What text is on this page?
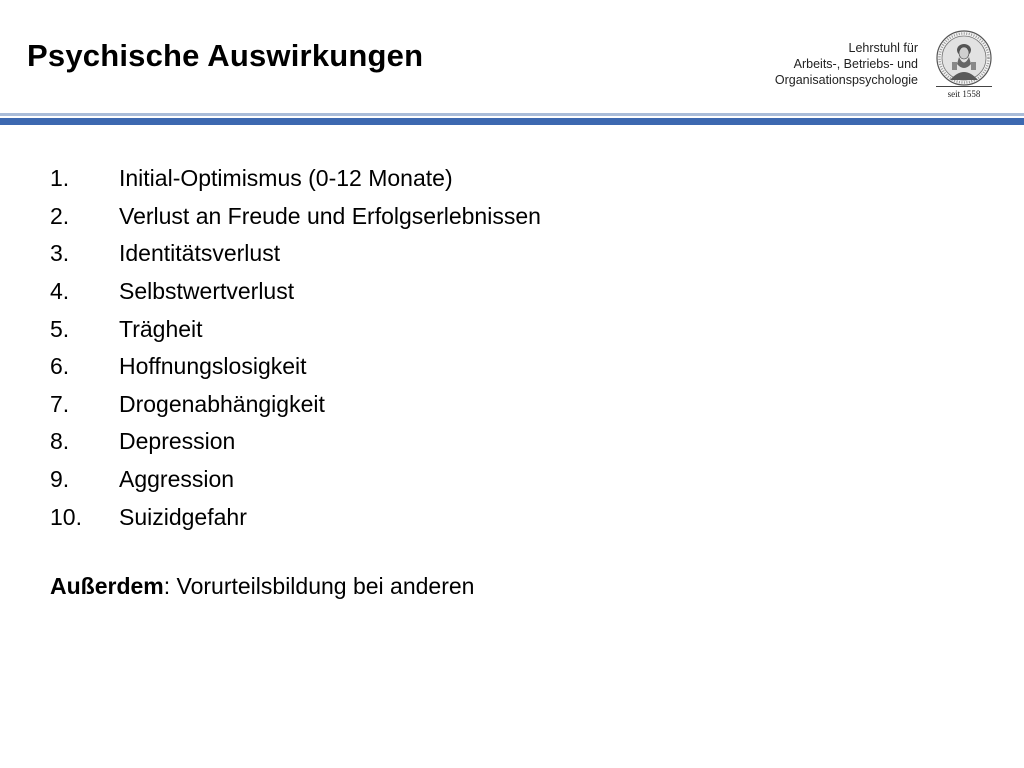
Psychische Auswirkungen	Lehrstuhl für
Arbeits-, Betriebs- und
Organisationspsychologie
seit 1558
1.	Initial-Optimismus (0-12 Monate)
2.	Verlust an Freude und Erfolgserlebnissen
3.	Identitätsverlust
4.	Selbstwertverlust
5.	Trägheit
6.	Hoffnungslosigkeit
7.	Drogenabhängigkeit
8.	Depression
9.	Aggression
10.	Suizidgefahr
Außerdem: Vorurteilsbildung bei anderen
